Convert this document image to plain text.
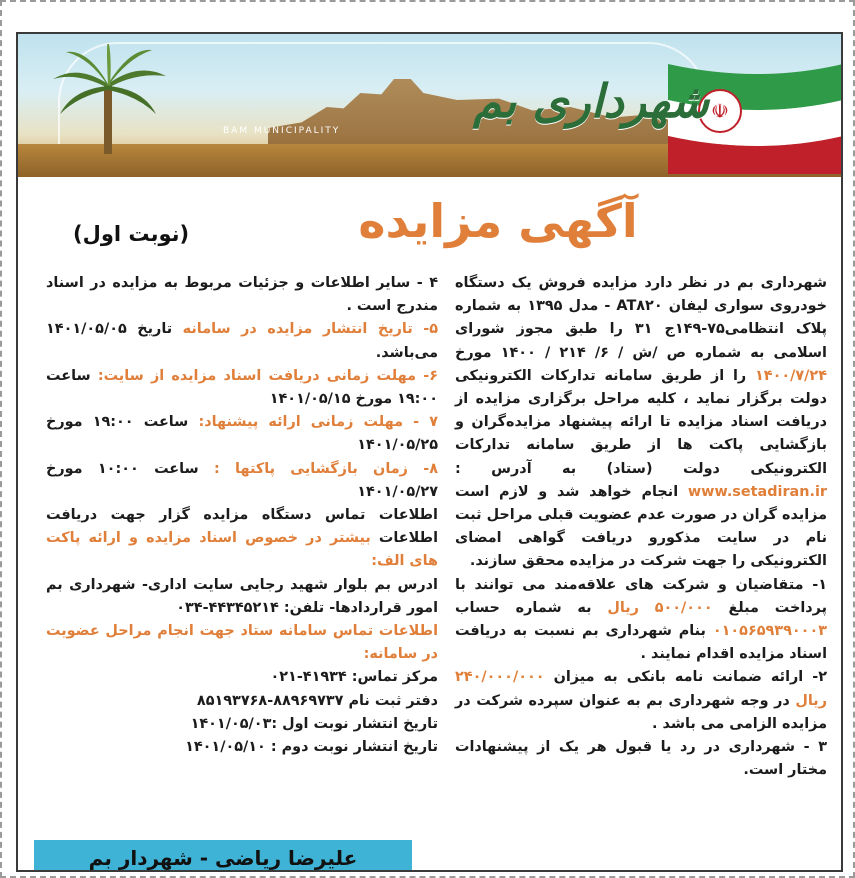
BAM MUNICIPALITY
☫
شهرداری بم
آگهی مزایده
(نوبت اول)

شهرداری بم در نظر دارد مزایده فروش یک دستگاه خودروی سواری لیفان AT۸۲۰ - مدل ۱۳۹۵ به شماره پلاک انتظامی۷۵-۱۴۹ج ۳۱ را طبق مجوز شورای اسلامی به شماره ص /ش / ۶/ ۲۱۴ / ۱۴۰۰ مورخ ۱۴۰۰/۷/۲۴ را از طریق سامانه تدارکات الکترونیکی دولت برگزار نماید ، کلیه مراحل برگزاری مزایده از دریافت اسناد مزایده تا ارائه پیشنهاد مزایده‌گران و بازگشایی پاکت ها از طریق سامانه تدارکات الکترونیکی دولت (ستاد) به آدرس : www.setadiran.ir انجام خواهد شد و لازم است مزایده گران در صورت عدم عضویت قبلی مراحل ثبت نام در سایت مذکورو دریافت گواهی امضای الکترونیکی را جهت شرکت در مزایده محقق سازند.

۱- متقاضیان و شرکت های علاقه‌مند می توانند با پرداخت مبلغ ۵۰۰/۰۰۰ ریال به شماره حساب ۰۱۰۵۶۵۹۳۹۰۰۰۳ بنام شهرداری بم نسبت به دریافت اسناد مزایده اقدام نمایند .

۲- ارائه ضمانت نامه بانکی به میزان ۲۴۰/۰۰۰/۰۰۰ ریال در وجه شهرداری بم به عنوان سپرده شرکت در مزایده الزامی می باشد .

۳ - شهرداری در رد یا قبول هر یک از پیشنهادات مختار است.

۴ - سایر اطلاعات و جزئیات مربوط به مزایده در اسناد مندرج است .

۵- تاریخ انتشار مزایده در سامانه تاریخ ۱۴۰۱/۰۵/۰۵ می‌باشد.

۶- مهلت زمانی دریافت اسناد مزایده از سایت: ساعت ۱۹:۰۰ مورخ ۱۴۰۱/۰۵/۱۵

۷ - مهلت زمانی ارائه پیشنهاد: ساعت ۱۹:۰۰ مورخ ۱۴۰۱/۰۵/۲۵

۸- زمان بازگشایی پاکتها : ساعت ۱۰:۰۰ مورخ ۱۴۰۱/۰۵/۲۷

اطلاعات تماس دستگاه مزایده گزار جهت دریافت اطلاعات بیشتر در خصوص اسناد مزایده و ارائه پاکت های الف:

ادرس بم بلوار شهید رجایی سایت اداری- شهرداری بم امور قراردادها- تلفن: ۴۴۳۴۵۲۱۴-۰۳۴

اطلاعات تماس سامانه ستاد جهت انجام مراحل عضویت در سامانه:

مرکز تماس: ۴۱۹۳۴-۰۲۱

دفتر ثبت نام ۸۸۹۶۹۷۳۷-۸۵۱۹۳۷۶۸

تاریخ انتشار نوبت اول :۱۴۰۱/۰۵/۰۳

تاریخ انتشار نوبت دوم : ۱۴۰۱/۰۵/۱۰

علیرضا ریاضی - شهردار بم
